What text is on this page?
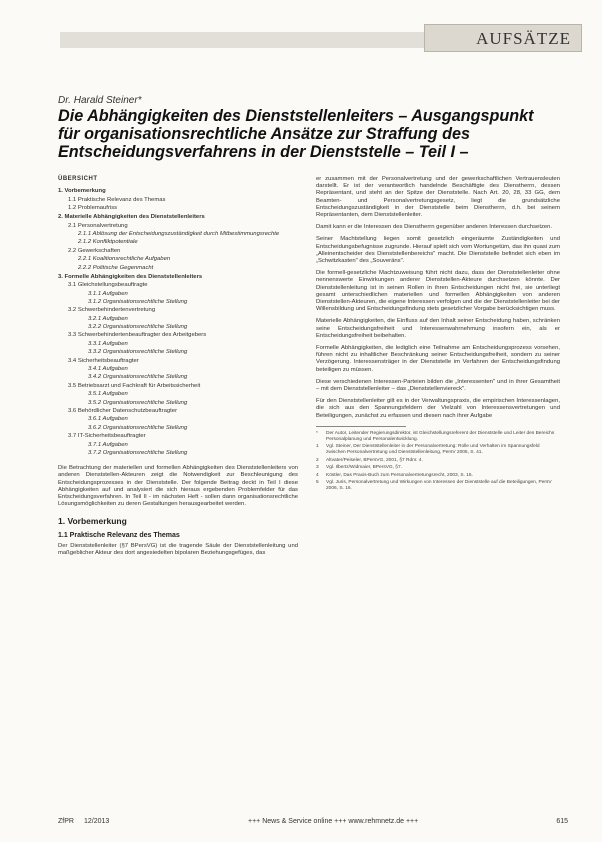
AUFSÄTZE
Dr. Harald Steiner*
Die Abhängigkeiten des Dienststellenleiters – Ausgangspunkt für organisationsrechtliche Ansätze zur Straffung des Entscheidungsverfahrens in der Dienststelle – Teil I –
ÜBERSICHT
1. Vorbemerkung
1.1 Praktische Relevanz des Themas
1.2 Problemaufriss
2. Materielle Abhängigkeiten des Dienststellenleiters
2.1 Personalvertretung
2.1.1 Ablösung der Entscheidungszuständigkeit durch Mitbestimmungsrechte
2.1.2 Konfliktpotentiale
2.2 Gewerkschaften
2.2.1 Koalitionsrechtliche Aufgaben
2.2.2 Politische Gegenmacht
3. Formelle Abhängigkeiten des Dienststellenleiters
3.1 Gleichstellungsbeauftragte
3.1.1 Aufgaben
3.1.2 Organisationsrechtliche Stellung
3.2 Schwerbehindertenvertretung
3.2.1 Aufgaben
3.2.2 Organisationsrechtliche Stellung
3.3 Schwerbehindertenbeauftragter des Arbeitgebers
3.3.1 Aufgaben
3.3.2 Organisationsrechtliche Stellung
3.4 Sicherheitsbeauftragter
3.4.1 Aufgaben
3.4.2 Organisationsrechtliche Stellung
3.5 Betriebsarzt und Fachkraft für Arbeitssicherheit
3.5.1 Aufgaben
3.5.2 Organisationsrechtliche Stellung
3.6 Behördlicher Datenschutzbeauftragter
3.6.1 Aufgaben
3.6.2 Organisationsrechtliche Stellung
3.7 IT-Sicherheitsbeauftragter
3.7.1 Aufgaben
3.7.2 Organisationsrechtliche Stellung

Die Betrachtung der materiellen und formellen Abhängigkeiten des Dienststellenleiters von anderen Dienststellen-Akteuren zeigt die Notwendigkeit zur Beschleunigung des Entscheidungsprozesses in der Dienststelle. Der folgende Beitrag deckt in Teil I diese Abhängigkeiten auf und analysiert die sich hieraus ergebenden Problemfelder für das Entscheidungsverfahren. In Teil II - im nächsten Heft - sollen dann organisationsrechtliche Lösungsmöglichkeiten zu deren Gestaltungen herausgearbeitet werden.

1. Vorbemerkung
1.1 Praktische Relevanz des Themas

Der Dienststellenleiter (§7 BPersVG) ist die tragende Säule der Dienststellenleitung und maßgeblicher Akteur des dort angesiedelten bipolaren Beziehungsgefüges, das

er zusammen mit der Personalvertretung und der gewerkschaftlichen Vertrauensleuten darstellt. Er ist der verantwortlich handelnde Beschäftigte des Dienstherrn, dessen Repräsentant, und steht an der Spitze der Dienststelle. Nach Art. 20, 28, 33 GG, dem Beamten- und Personalvertretungsgesetz, liegt die grundsätzliche Entscheidungszuständigkeit in der Dienststelle beim Dienstherrn, d.h. bei seinem Repräsentanten, dem Dienststellenleiter.

Damit kann er die Interessen des Dienstherrn gegenüber anderen Interessen durchsetzen.

Seiner Machtstellung liegen somit gesetzlich eingeräumte Zuständigkeiten und Entscheidungsbefugnisse zugrunde. Hierauf spielt sich vom Wortungetüm, das ihn quasi zum „Alleinentscheider des Dienststellenbereichs" macht. Die Dienststelle befindet sich eben im „Schwitzkasten" des „Souveräns".

Die formell-gesetzliche Machtzuweisung führt nicht dazu, dass der Dienststellenleiter ohne nennenswerte Einwirkungen anderer Dienststellen-Akteure durchsetzen könnte. Der Dienststellenleitung ist in seinen Rollen in ihren Entscheidungen nicht frei, sie unterliegt gesamt unterschiedlichen materiellen und formellen Abhängigkeiten von anderen Dienststellen-Akteuren, die eigene Interessen verfolgen und die der Dienststellenleiter bei der Willensbildung und Entscheidungsfindung stets gesetzlicher Vorgabe berücksichtigen muss.

Materielle Abhängigkeiten, die Einfluss auf den Inhalt seiner Entscheidung haben, schränken seine Entscheidungsfreiheit und Interessenwahrnehmung insofern ein, als er Entscheidungsfreiheit beibehalten.

Formelle Abhängigkeiten, die lediglich eine Teilnahme am Entscheidungsprozess vorsehen, führen nicht zu inhaltlicher Beschränkung seiner Entscheidungsfreiheit, sondern zu seiner Verzögerung. Interessensträger in der Dienststelle im Verfahren der Entscheidungsfindung beteiligen zu müssen.

Diese verschiedenen Interessen-Parteien bilden die „Interessenten" und in ihrer Gesamtheit – mit dem Dienststellenleiter – das „Dienststellenviereck".

Für den Dienststellenleiter gilt es in der Verwaltungspraxis, die empirischen Interessenlagen, die sich aus den Spannungsfeldern der Vielzahl von Interessensvertretungen und Beteiligungen, zunächst zu erfassen und diesen nach ihrer Aufgabe

*	Der Autor, Leitender Regierungsdirektor, ist Gleichstellungsreferent der Dienststelle und Leiter des Bereichs Personalplanung und Personalentwicklung.
1	Vgl. Steiner, Der Dienststellenleiter in der Personalvertretung: Rolle und Verhalten im Spannungsfeld zwischen Personalvertretung und Dienststellenleitung, PersV 2005, S. 41.
2	Altvater/Peiseler, BPersVG, 2001, §7 Rdnr. 4.
3	Vgl. Ilbertz/Widmaier, BPersVG, §7.
4	Köstler, Das Praxis-Buch zum Personalvertretungsrecht, 2003, S. 15.
5	Vgl. Juris, Personalvertretung und Wirkungen von Interessen der Dienststelle auf die Beteiligungen, PersV 2006, S. 16.
ZfPR 12/2013	+++ News & Service online +++ www.rehmnetz.de +++	615
